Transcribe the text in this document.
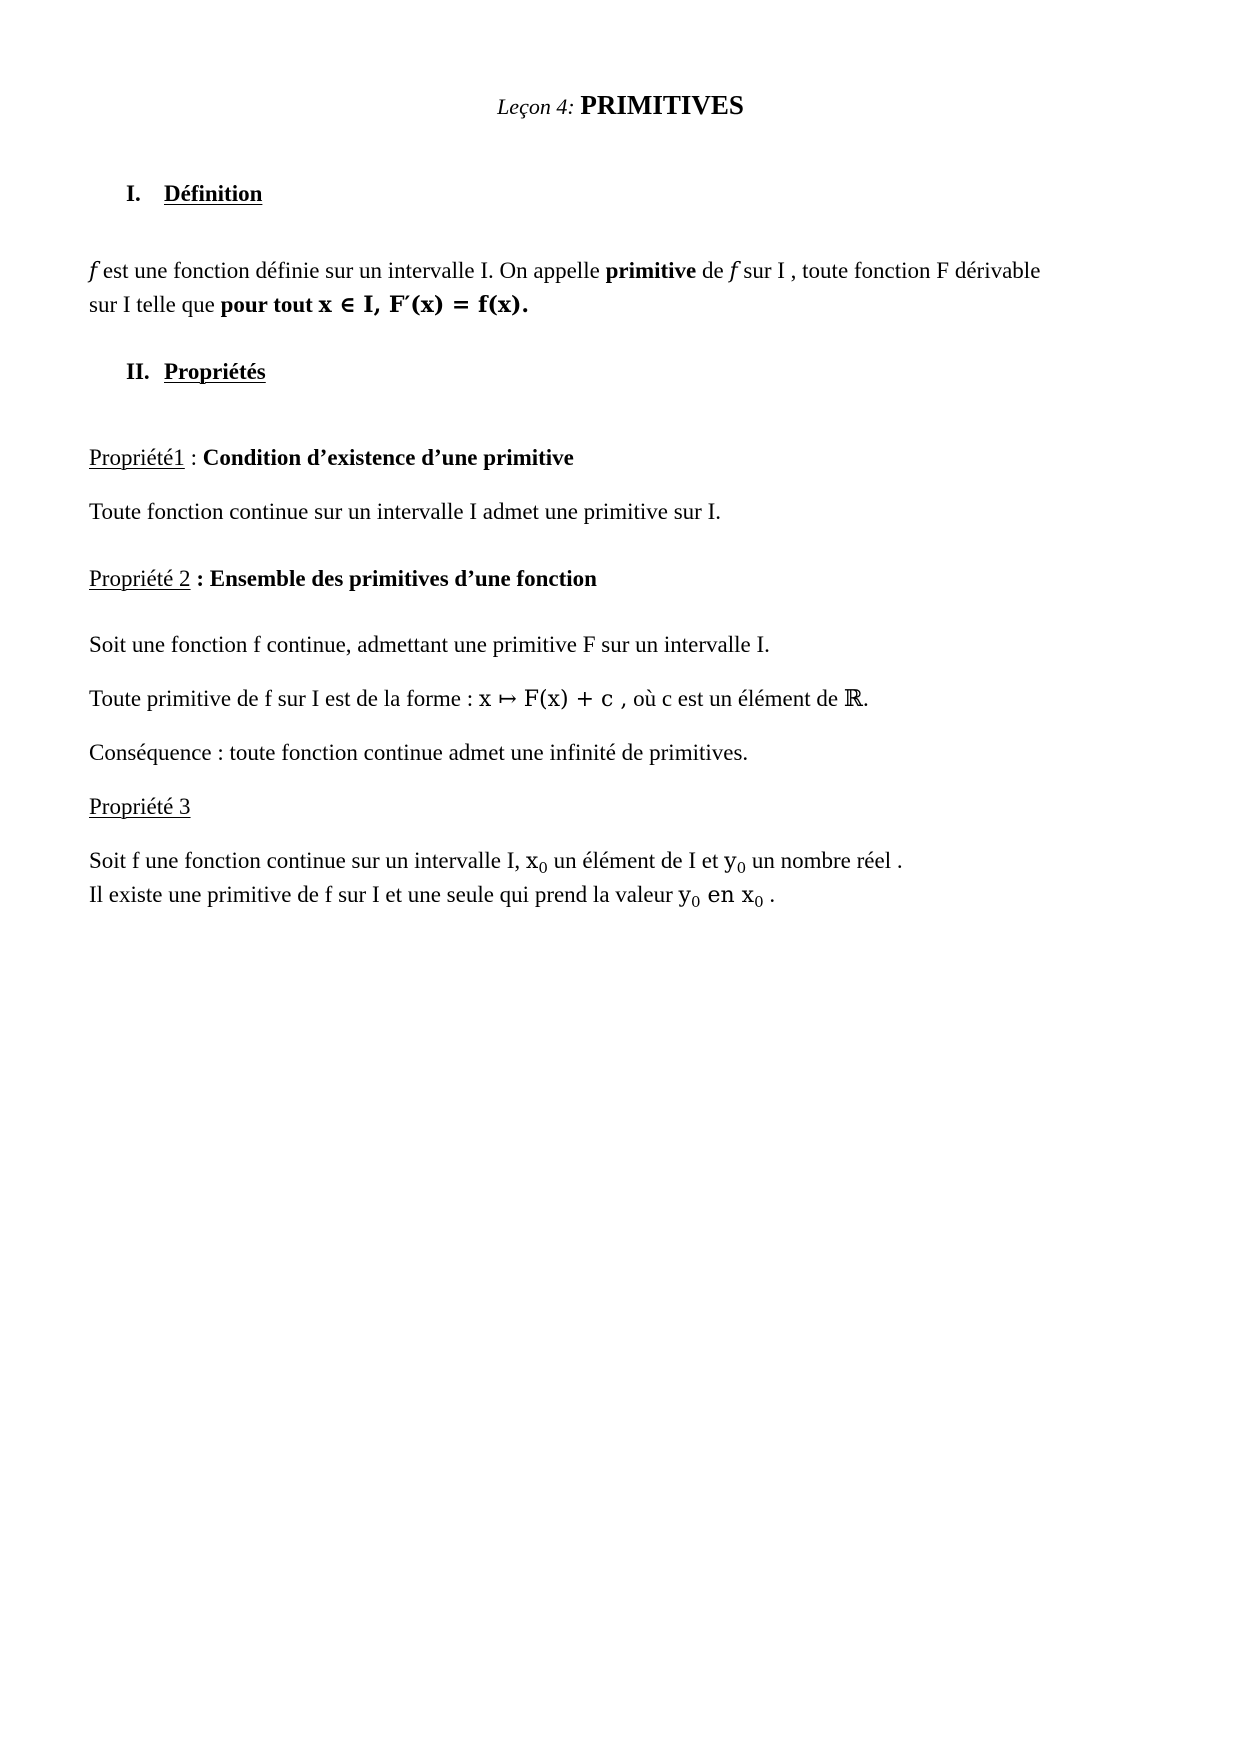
Leçon 4: PRIMITIVES
I. Définition
f est une fonction définie sur un intervalle I. On appelle primitive de f sur I , toute fonction F dérivable
sur I telle que pour tout x ∈ I, F′(x) = f(x).
II. Propriétés
Propriété1 : Condition d’existence d’une primitive
Toute fonction continue sur un intervalle I admet une primitive sur I.
Propriété 2 : Ensemble des primitives d’une fonction
Soit une fonction f continue, admettant une primitive F sur un intervalle I.
Toute primitive de f sur I est de la forme : x ↦ F(x) + c , où c est un élément de ℝ.
Conséquence : toute fonction continue admet une infinité de primitives.
Propriété 3
Soit f une fonction continue sur un intervalle I, $x_0$ un élément de I et $y_0$ un nombre réel .
Il existe une primitive de f sur I et une seule qui prend la valeur $y_0$ en $x_0$ .
